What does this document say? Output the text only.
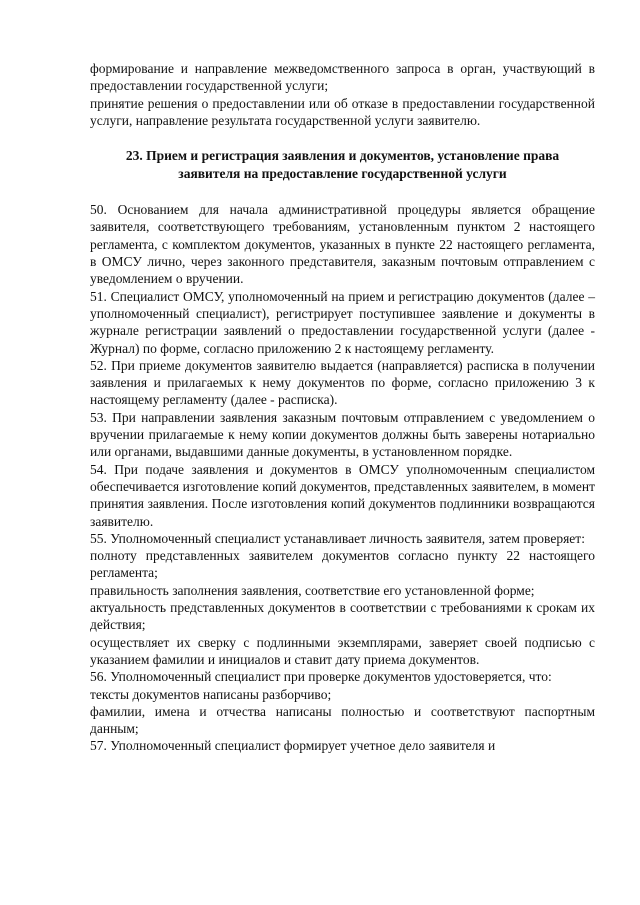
формирование и направление межведомственного запроса в орган, участвующий в предоставлении государственной услуги;

принятие решения о предоставлении или об отказе в предоставлении государственной услуги, направление результата государственной услуги заявителю.

23. Прием и регистрация заявления и документов, установление права заявителя на предоставление государственной услуги

50. Основанием для начала административной процедуры является обращение заявителя, соответствующего требованиям, установленным пунктом 2 настоящего регламента, с комплектом документов, указанных в пункте 22 настоящего регламента, в ОМСУ лично, через законного представителя, заказным почтовым отправлением с уведомлением о вручении.

51. Специалист ОМСУ, уполномоченный на прием и регистрацию документов (далее – уполномоченный специалист), регистрирует поступившее заявление и документы в журнале регистрации заявлений о предоставлении государственной услуги (далее - Журнал) по форме, согласно приложению 2 к настоящему регламенту.

52. При приеме документов заявителю выдается (направляется) расписка в получении заявления и прилагаемых к нему документов по форме, согласно приложению 3 к настоящему регламенту (далее - расписка).

53. При направлении заявления заказным почтовым отправлением с уведомлением о вручении прилагаемые к нему копии документов должны быть заверены нотариально или органами, выдавшими данные документы, в установленном порядке.

54. При подаче заявления и документов в ОМСУ уполномоченным специалистом обеспечивается изготовление копий документов, представленных заявителем, в момент принятия заявления. После изготовления копий документов подлинники возвращаются заявителю.

55. Уполномоченный специалист устанавливает личность заявителя, затем проверяет:

полноту представленных заявителем документов согласно пункту 22 настоящего регламента;

правильность заполнения заявления, соответствие его установленной форме;

актуальность представленных документов в соответствии с требованиями к срокам их действия;

осуществляет их сверку с подлинными экземплярами, заверяет своей подписью с указанием фамилии и инициалов и ставит дату приема документов.

56. Уполномоченный специалист при проверке документов удостоверяется, что:

тексты документов написаны разборчиво;

фамилии, имена и отчества написаны полностью и соответствуют паспортным данным;

57. Уполномоченный специалист формирует учетное дело заявителя и
